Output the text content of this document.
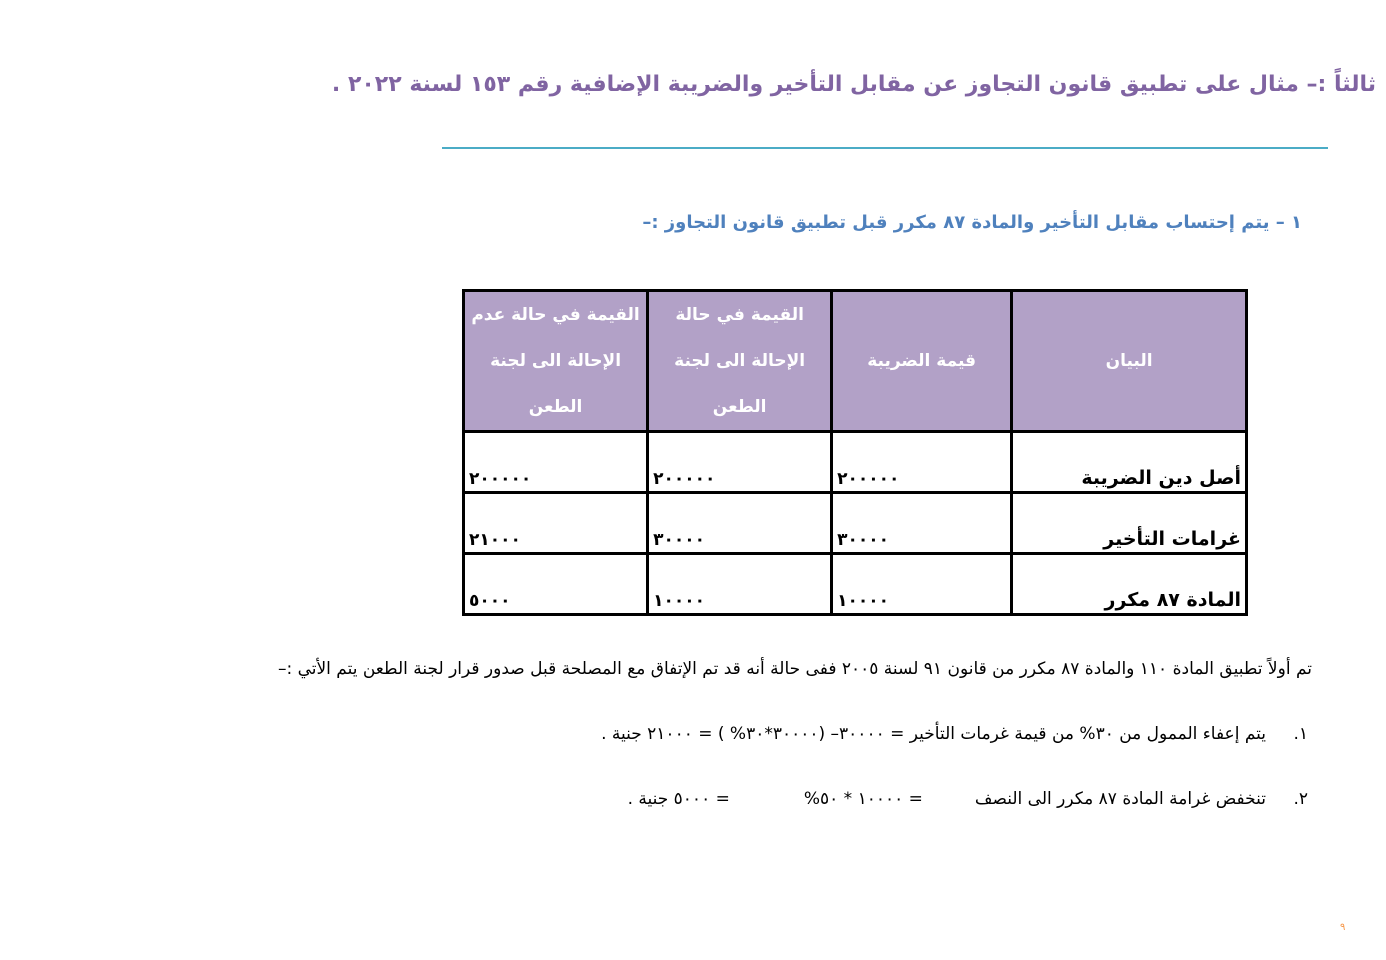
ثالثاً :– مثال على تطبيق قانون التجاوز عن مقابل التأخير والضريبة الإضافية رقم ١٥٣ لسنة ٢٠٢٢ .
١ – يتم إحتساب مقابل التأخير والمادة ٨٧ مكرر قبل تطبيق قانون التجاوز :–
البيان	قيمة الضريبة	القيمة في حالة الإحالة الى لجنة الطعن	القيمة في حالة عدم الإحالة الى لجنة الطعن
أصل دين الضريبة	٢٠٠٠٠٠	٢٠٠٠٠٠	٢٠٠٠٠٠
غرامات التأخير	٣٠٠٠٠	٣٠٠٠٠	٢١٠٠٠
المادة ٨٧ مكرر	١٠٠٠٠	١٠٠٠٠	٥٠٠٠
تم أولاً تطبيق المادة ١١٠ والمادة ٨٧ مكرر من قانون ٩١ لسنة ٢٠٠٥ ففى حالة أنه قد تم الإتفاق مع المصلحة قبل صدور قرار لجنة الطعن يتم الأتي :–
١.يتم إعفاء الممول من ٣٠% من قيمة غرمات التأخير = ٣٠٠٠٠– (٣٠٠٠٠*٣٠% ) = ٢١٠٠٠ جنية .
٢.تنخفض غرامة المادة ٨٧ مكرر الى النصف= ١٠٠٠٠ * ٥٠%= ٥٠٠٠ جنية .
٩
